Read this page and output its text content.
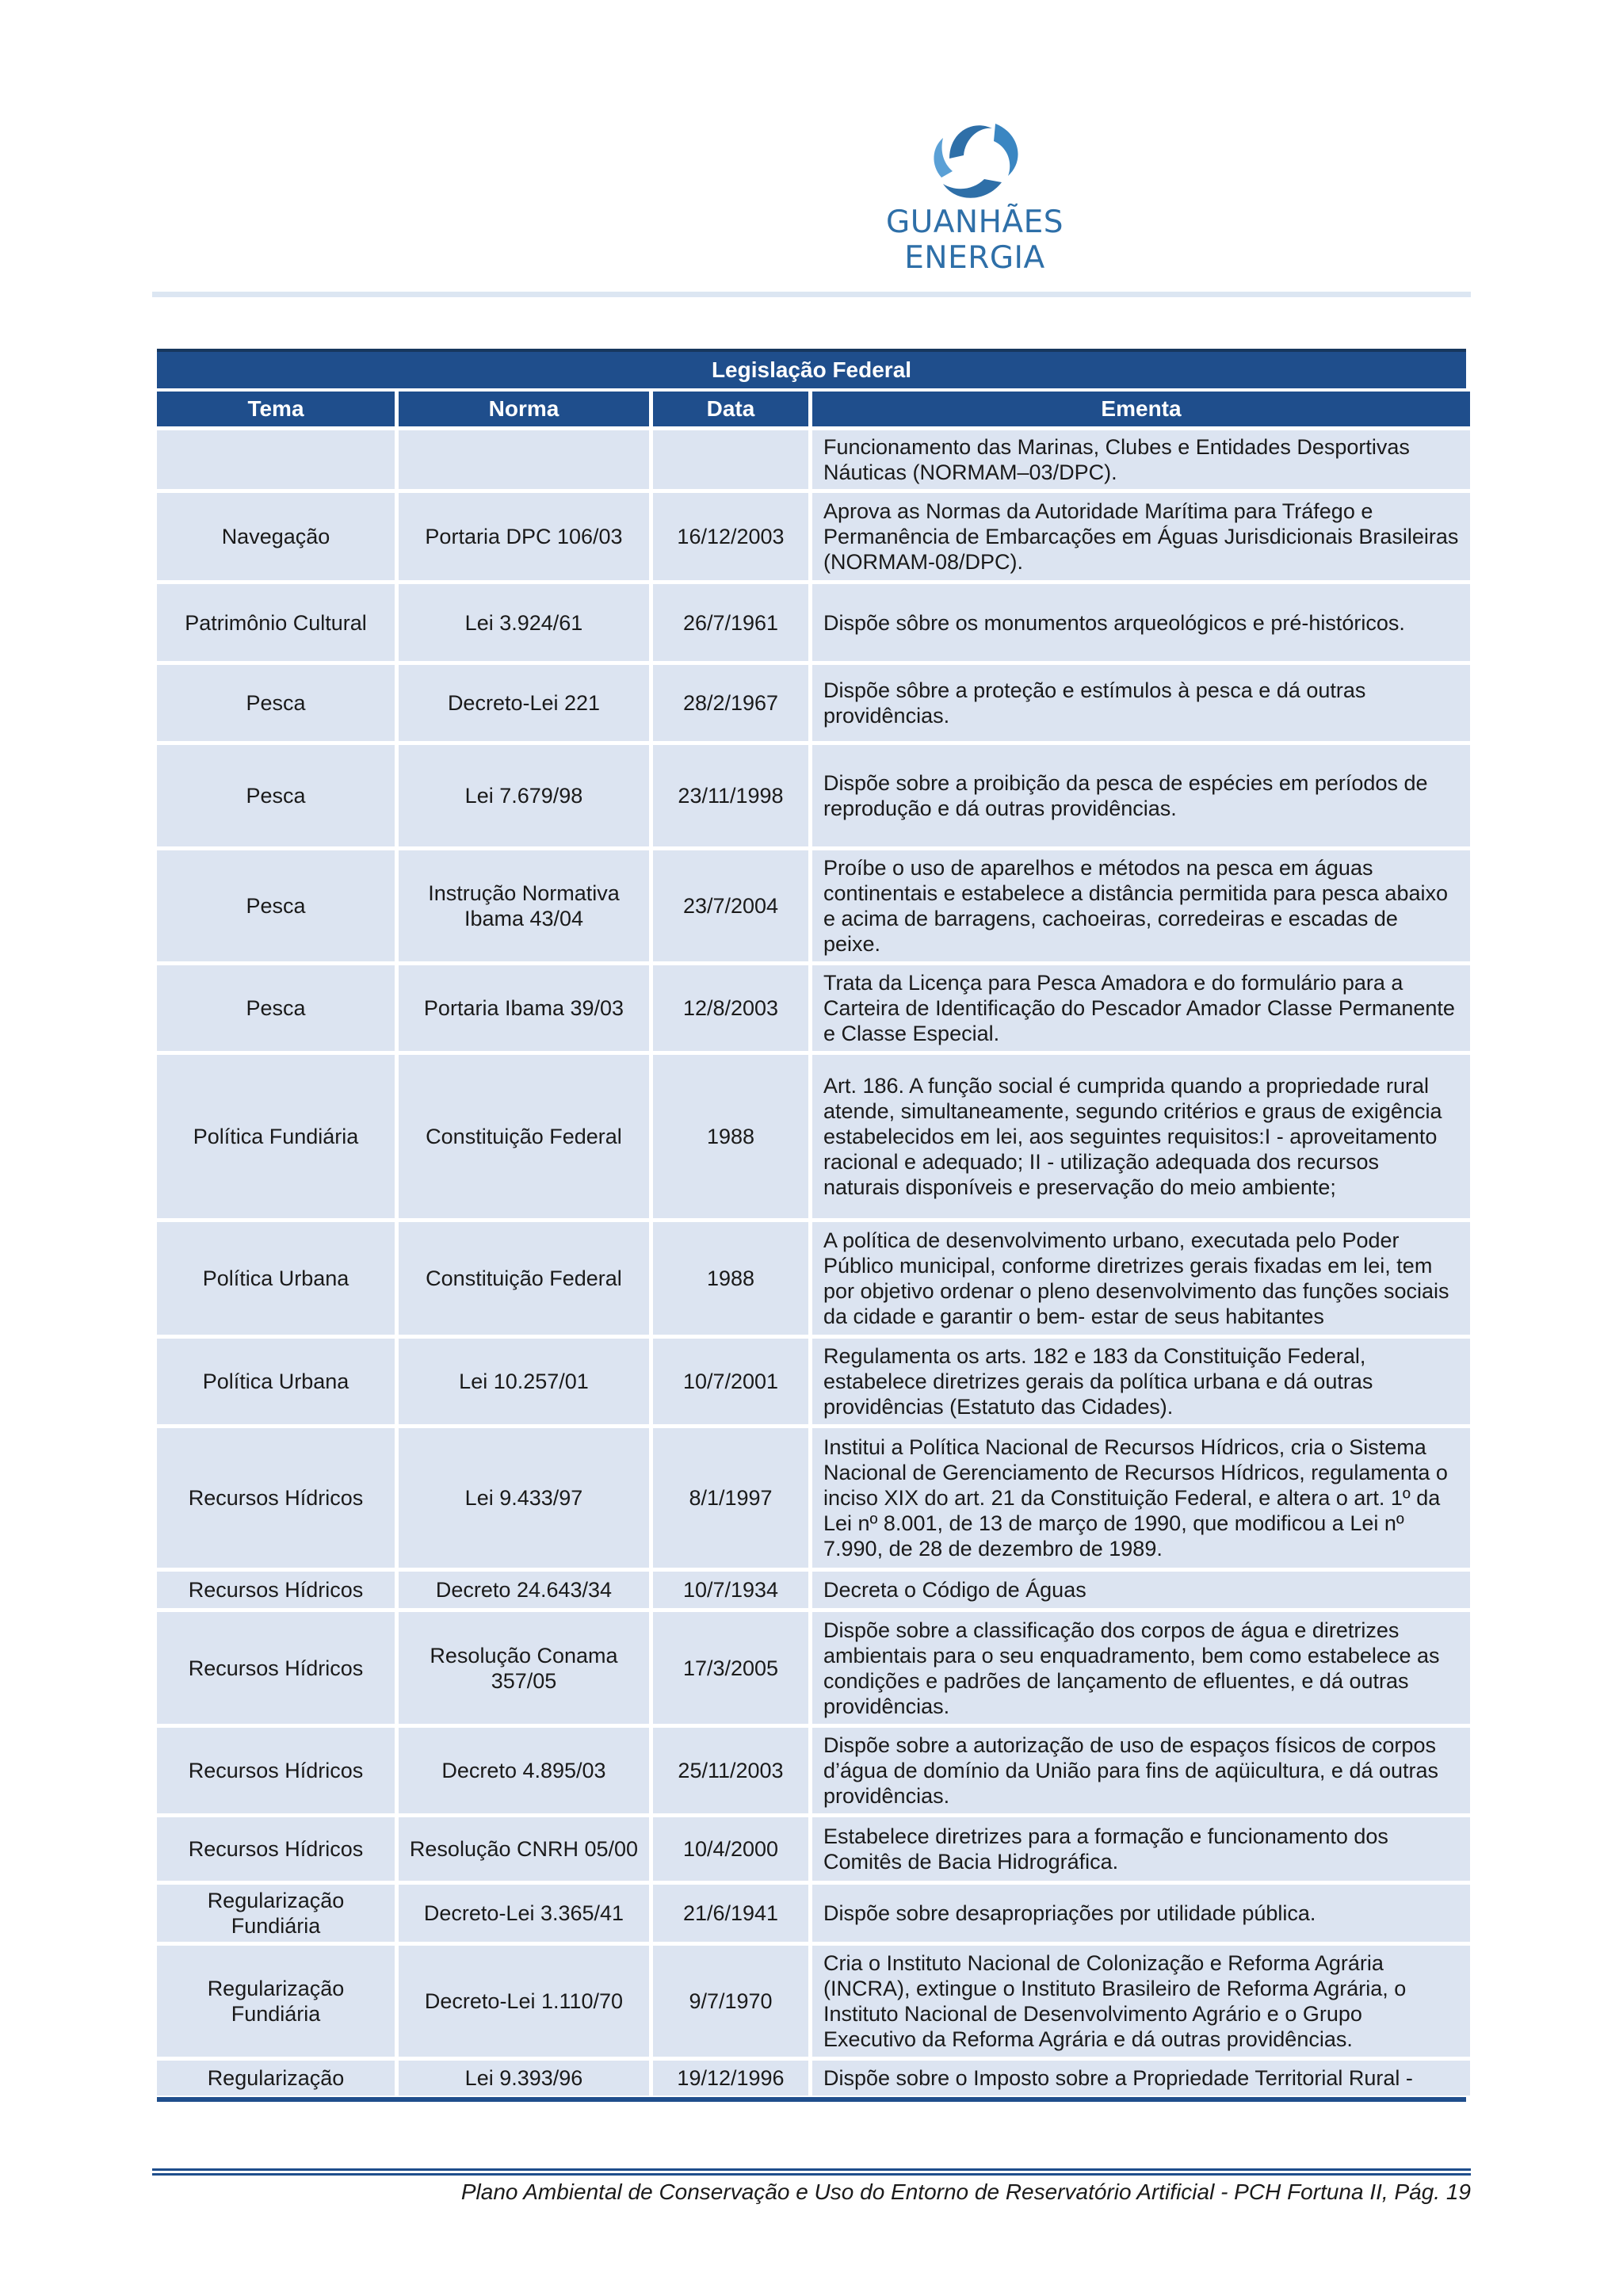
GUANHÃES ENERGIA
Legislação Federal
Tema	Norma	Data	Ementa
			Funcionamento das Marinas, Clubes e Entidades Desportivas Náuticas (NORMAM–03/DPC).
Navegação	Portaria DPC 106/03	16/12/2003	Aprova as Normas da Autoridade Marítima para Tráfego e Permanência de Embarcações em Águas Jurisdicionais Brasileiras (NORMAM-08/DPC).
Patrimônio Cultural	Lei 3.924/61	26/7/1961	Dispõe sôbre os monumentos arqueológicos e pré-históricos.
Pesca	Decreto-Lei 221	28/2/1967	Dispõe sôbre a proteção e estímulos à pesca e dá outras providências.
Pesca	Lei 7.679/98	23/11/1998	Dispõe sobre a proibição da pesca de espécies em períodos de reprodução e dá outras providências.
Pesca	Instrução Normativa Ibama 43/04	23/7/2004	Proíbe o uso de aparelhos e métodos na pesca em águas continentais e estabelece a distância permitida para pesca abaixo e acima de barragens, cachoeiras, corredeiras e escadas de peixe.
Pesca	Portaria Ibama 39/03	12/8/2003	Trata da Licença para Pesca Amadora e do formulário para a Carteira de Identificação do Pescador Amador Classe Permanente e Classe Especial.
Política Fundiária	Constituição Federal	1988	Art. 186. A função social é cumprida quando a propriedade rural atende, simultaneamente, segundo critérios e graus de exigência estabelecidos em lei, aos seguintes requisitos:I - aproveitamento racional e adequado; II - utilização adequada dos recursos naturais disponíveis e preservação do meio ambiente;
Política Urbana	Constituição Federal	1988	A política de desenvolvimento urbano, executada pelo Poder Público municipal, conforme diretrizes gerais fixadas em lei, tem por objetivo ordenar o pleno desenvolvimento das funções sociais da cidade e garantir o bem- estar de seus habitantes
Política Urbana	Lei 10.257/01	10/7/2001	Regulamenta os arts. 182 e 183 da Constituição Federal, estabelece diretrizes gerais da política urbana e dá outras providências (Estatuto das Cidades).
Recursos Hídricos	Lei 9.433/97	8/1/1997	Institui a Política Nacional de Recursos Hídricos, cria o Sistema Nacional de Gerenciamento de Recursos Hídricos, regulamenta o inciso XIX do art. 21 da Constituição Federal, e altera o art. 1º da Lei nº 8.001, de 13 de março de 1990, que modificou a Lei nº 7.990, de 28 de dezembro de 1989.
Recursos Hídricos	Decreto 24.643/34	10/7/1934	Decreta o Código de Águas
Recursos Hídricos	Resolução Conama 357/05	17/3/2005	Dispõe sobre a classificação dos corpos de água e diretrizes ambientais para o seu enquadramento, bem como estabelece as condições e padrões de lançamento de efluentes, e dá outras providências.
Recursos Hídricos	Decreto 4.895/03	25/11/2003	Dispõe sobre a autorização de uso de espaços físicos de corpos d’água de domínio da União para fins de aqüicultura, e dá outras providências.
Recursos Hídricos	Resolução CNRH 05/00	10/4/2000	Estabelece diretrizes para a formação e funcionamento dos Comitês de Bacia Hidrográfica.
Regularização Fundiária	Decreto-Lei 3.365/41	21/6/1941	Dispõe sobre desapropriações por utilidade pública.
Regularização Fundiária	Decreto-Lei 1.110/70	9/7/1970	Cria o Instituto Nacional de Colonização e Reforma Agrária (INCRA), extingue o Instituto Brasileiro de Reforma Agrária, o Instituto Nacional de Desenvolvimento Agrário e o Grupo Executivo da Reforma Agrária e dá outras providências.
Regularização	Lei 9.393/96	19/12/1996	Dispõe sobre o Imposto sobre a Propriedade Territorial Rural -
Plano Ambiental de Conservação e Uso do Entorno de Reservatório Artificial - PCH Fortuna II, Pág. 19
